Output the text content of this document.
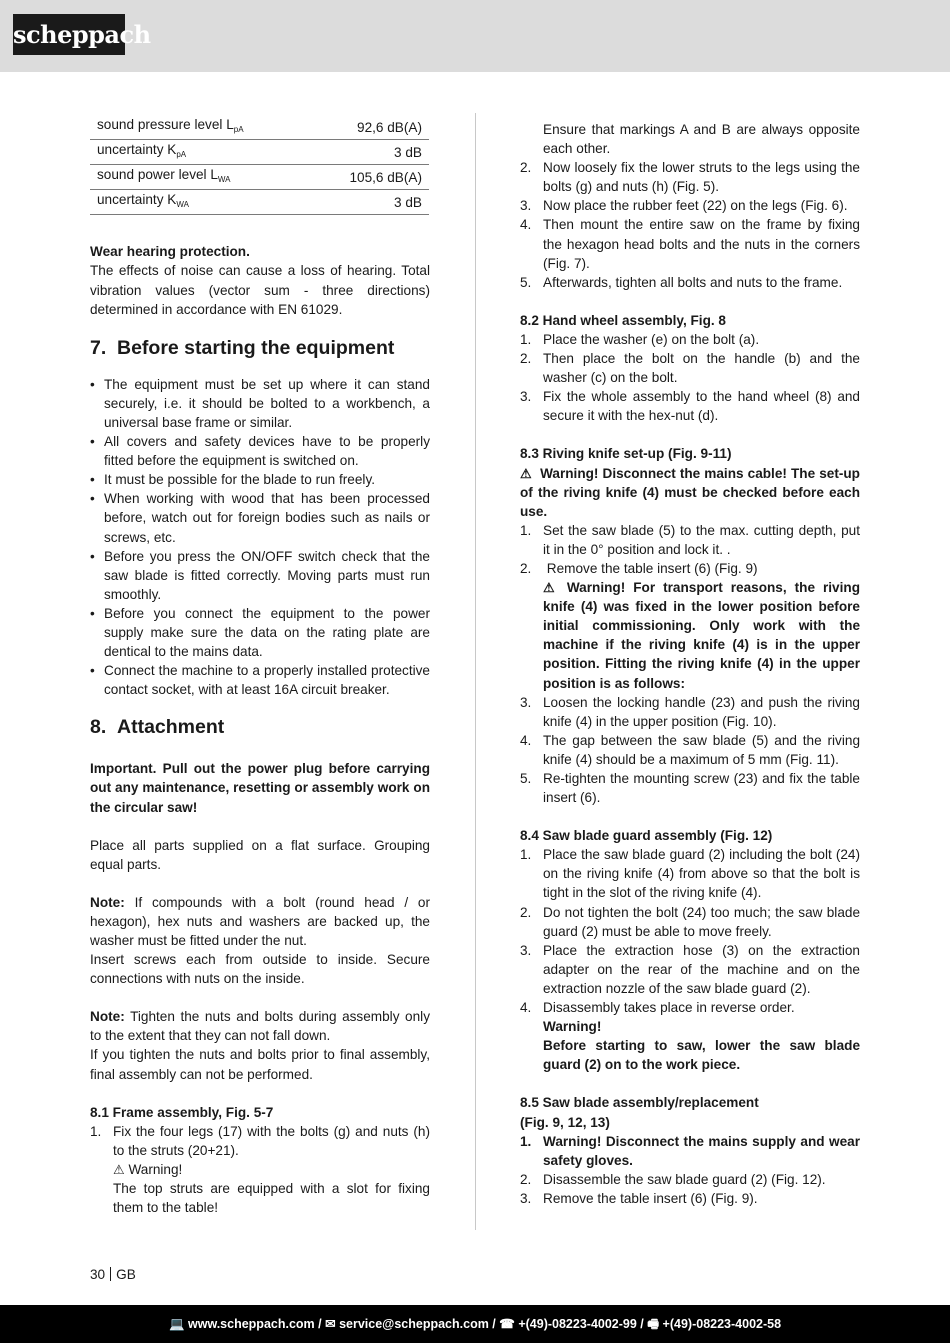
scheppach
sound pressure level $L_{pA}$	92,6 dB(A)
uncertainty $K_{pA}$	3 dB
sound power level $L_{WA}$	105,6 dB(A)
uncertainty $K_{WA}$	3 dB

Wear hearing protection.

The effects of noise can cause a loss of hearing. Total vibration values (vector sum - three directions) determined in accordance with EN 61029.

7. Before starting the equipment
• The equipment must be set up where it can stand securely, i.e. it should be bolted to a workbench, a universal base frame or similar.
• All covers and safety devices have to be properly fitted before the equipment is switched on.
• It must be possible for the blade to run freely.
• When working with wood that has been processed before, watch out for foreign bodies such as nails or screws, etc.
• Before you press the ON/OFF switch check that the saw blade is fitted correctly. Moving parts must run smoothly.
• Before you connect the equipment to the power supply make sure the data on the rating plate are dentical to the mains data.
• Connect the machine to a properly installed protective contact socket, with at least 16A circuit breaker.
8. Attachment

Important. Pull out the power plug before carrying out any maintenance, resetting or assembly work on the circular saw!

Place all parts supplied on a flat surface. Grouping equal parts.

Note: If compounds with a bolt (round head / or hexagon), hex nuts and washers are backed up, the washer must be fitted under the nut.

Insert screws each from outside to inside. Secure connections with nuts on the inside.

Note: Tighten the nuts and bolts during assembly only to the extent that they can not fall down.

If you tighten the nuts and bolts prior to final assembly, final assembly can not be performed.

8.1 Frame assembly, Fig. 5-7

1. Fix the four legs (17) with the bolts (g) and nuts (h) to the struts (20+21).
⚠ Warning!
The top struts are equipped with a slot for fixing them to the table!

Ensure that markings A and B are always opposite each other.

2. Now loosely fix the lower struts to the legs using the bolts (g) and nuts (h) (Fig. 5).
3. Now place the rubber feet (22) on the legs (Fig. 6).
4. Then mount the entire saw on the frame by fixing the hexagon head bolts and the nuts in the corners (Fig. 7).
5. Afterwards, tighten all bolts and nuts to the frame.

8.2 Hand wheel assembly, Fig. 8

1. Place the washer (e) on the bolt (a).
2. Then place the bolt on the handle (b) and the washer (c) on the bolt.
3. Fix the whole assembly to the hand wheel (8) and secure it with the hex-nut (d).

8.3 Riving knife set-up (Fig. 9-11)

⚠ Warning! Disconnect the mains cable! The set-up of the riving knife (4) must be checked before each use.

1. Set the saw blade (5) to the max. cutting depth, put it in the 0° position and lock it. .
2. Remove the table insert (6) (Fig. 9)
⚠ Warning! For transport reasons, the riving knife (4) was fixed in the lower position before initial commissioning. Only work with the machine if the riving knife (4) is in the upper position. Fitting the riving knife (4) in the upper position is as follows:
3. Loosen the locking handle (23) and push the riving knife (4) in the upper position (Fig. 10).
4. The gap between the saw blade (5) and the riving knife (4) should be a maximum of 5 mm (Fig. 11).
5. Re-tighten the mounting screw (23) and fix the table insert (6).

8.4 Saw blade guard assembly (Fig. 12)

1. Place the saw blade guard (2) including the bolt (24) on the riving knife (4) from above so that the bolt is tight in the slot of the riving knife (4).
2. Do not tighten the bolt (24) too much; the saw blade guard (2) must be able to move freely.
3. Place the extraction hose (3) on the extraction adapter on the rear of the machine and on the extraction nozzle of the saw blade guard (2).
4. Disassembly takes place in reverse order.
Warning!
Before starting to saw, lower the saw blade guard (2) on to the work piece.

8.5 Saw blade assembly/replacement

(Fig. 9, 12, 13)

1. Warning! Disconnect the mains supply and wear safety gloves.
2. Disassemble the saw blade guard (2) (Fig. 12).
3. Remove the table insert (6) (Fig. 9).
30 GB
💻 www.scheppach.com / ✉ service@scheppach.com / ☎ +(49)-08223-4002-99 / 🖷 +(49)-08223-4002-58
